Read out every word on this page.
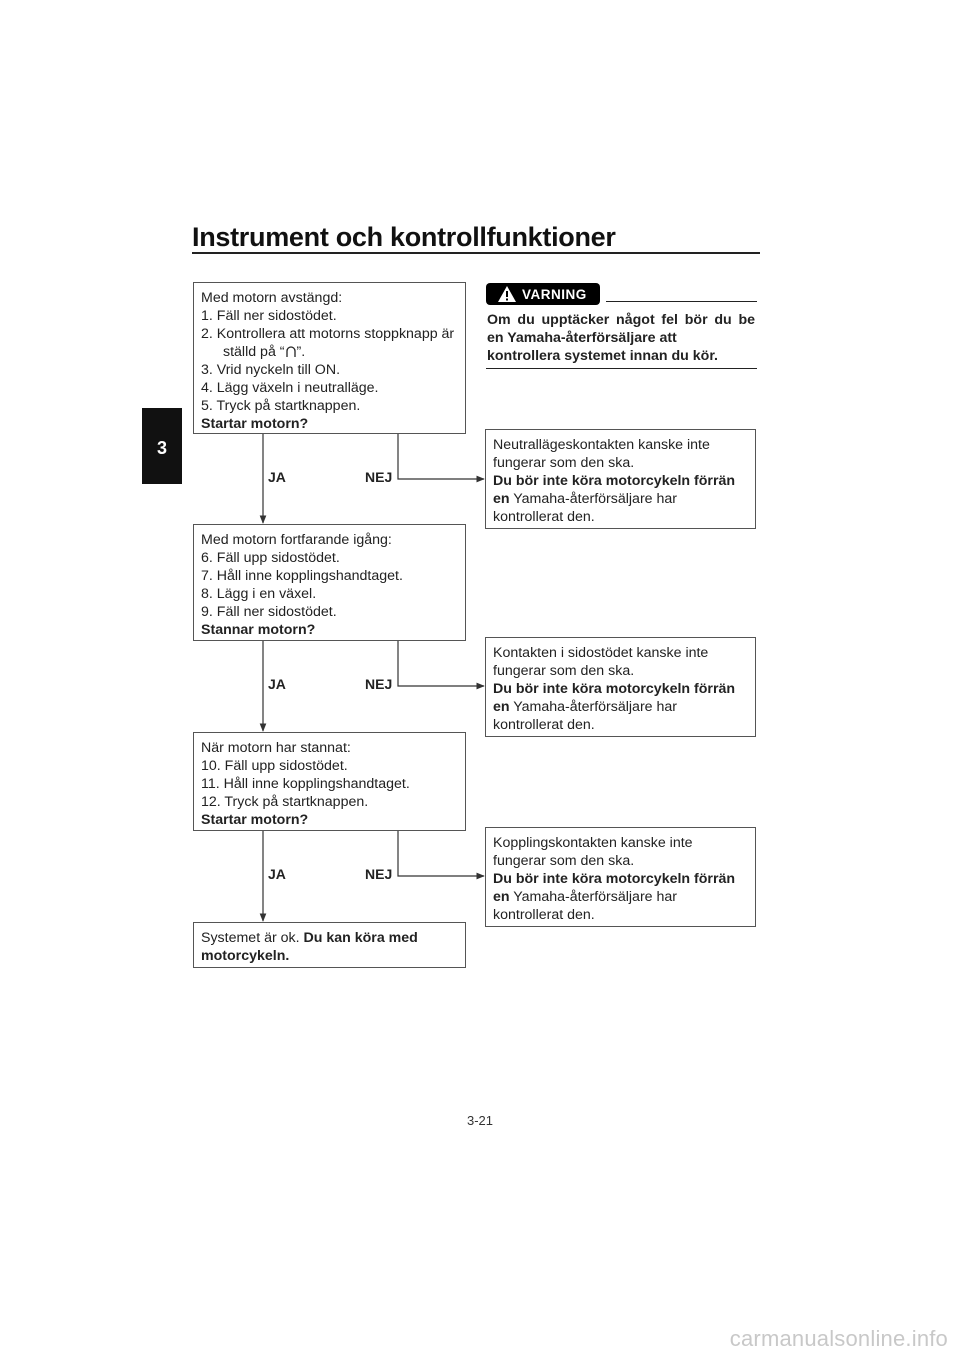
Instrument och kontrollfunktioner
3
Med motorn avstängd:
1. Fäll ner sidostödet.
2. Kontrollera att motorns stoppknapp är
ställd på “ ”.
3. Vrid nyckeln till ON.
4. Lägg växeln i neutralläge.
5. Tryck på startknappen.
Startar motorn?
JA	NEJ
Med motorn fortfarande igång:
6. Fäll upp sidostödet.
7. Håll inne kopplingshandtaget.
8. Lägg i en växel.
9. Fäll ner sidostödet.
Stannar motorn?
JA	NEJ
När motorn har stannat:
10. Fäll upp sidostödet.
11. Håll inne kopplingshandtaget.
12. Tryck på startknappen.
Startar motorn?
JA	NEJ
Systemet är ok. Du kan köra med
motorcykeln.
VARNING
Om du upptäcker något fel bör du be
en Yamaha-återförsäljare att
kontrollera systemet innan du kör.
Neutrallägeskontakten kanske inte
fungerar som den ska.
Du bör inte köra motorcykeln förrän
en Yamaha-återförsäljare har
kontrollerat den.
Kontakten i sidostödet kanske inte
fungerar som den ska.
Du bör inte köra motorcykeln förrän
en Yamaha-återförsäljare har
kontrollerat den.
Kopplingskontakten kanske inte
fungerar som den ska.
Du bör inte köra motorcykeln förrän
en Yamaha-återförsäljare har
kontrollerat den.
3-21
carmanualsonline.info
